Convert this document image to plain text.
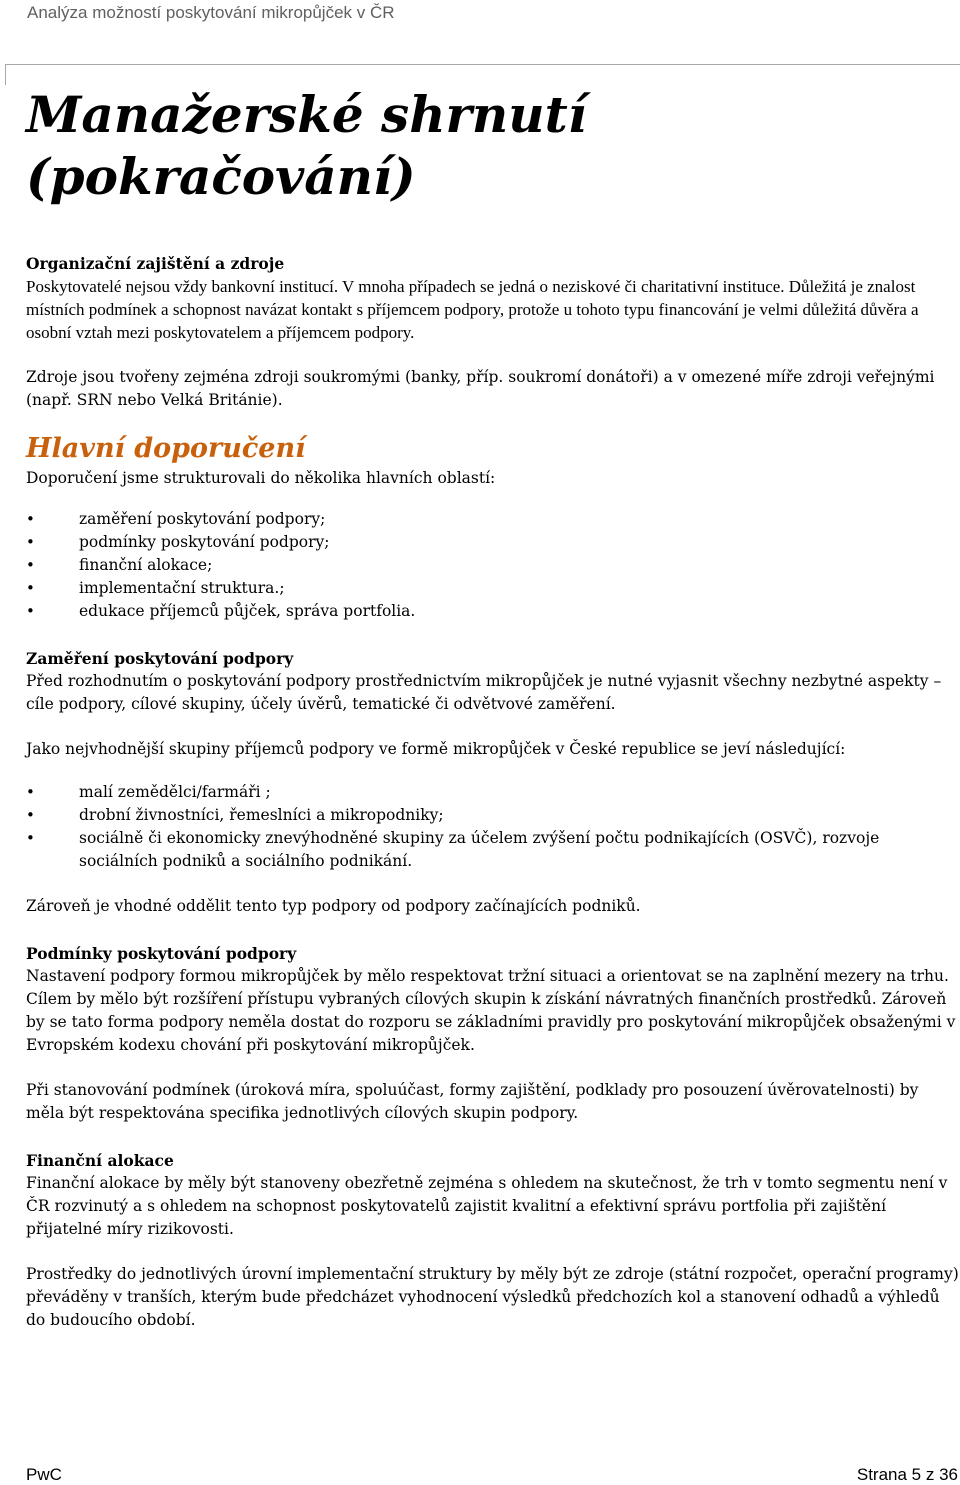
Analýza možností poskytování mikropůjček v ČR
Manažerské shrnutí
(pokračování)

Organizační zajištění a zdroje

Poskytovatelé nejsou vždy bankovní institucí. V mnoha případech se jedná o neziskové či charitativní instituce. Důležitá je znalost místních podmínek a schopnost navázat kontakt s příjemcem podpory, protože u tohoto typu financování je velmi důležitá důvěra a osobní vztah mezi poskytovatelem a příjemcem podpory.

Zdroje jsou tvořeny zejména zdroji soukromými (banky, příp. soukromí donátoři) a v omezené míře zdroji veřejnými (např. SRN nebo Velká Británie).

Hlavní doporučení

Doporučení jsme strukturovali do několika hlavních oblastí:

• zaměření poskytování podpory;
• podmínky poskytování podpory;
• finanční alokace;
• implementační struktura.;
• edukace příjemců půjček, správa portfolia.

Zaměření poskytování podpory

Před rozhodnutím o poskytování podpory prostřednictvím mikropůjček je nutné vyjasnit všechny nezbytné aspekty – cíle podpory, cílové skupiny, účely úvěrů, tematické či odvětvové zaměření.

Jako nejvhodnější skupiny příjemců podpory ve formě mikropůjček v České republice se jeví následující:

• malí zemědělci/farmáři ;
• drobní živnostníci, řemeslníci a mikropodniky;
• sociálně či ekonomicky znevýhodněné skupiny za účelem zvýšení počtu podnikajících (OSVČ), rozvoje sociálních podniků a sociálního podnikání.

Zároveň je vhodné oddělit tento typ podpory od podpory začínajících podniků.

Podmínky poskytování podpory

Nastavení podpory formou mikropůjček by mělo respektovat tržní situaci a orientovat se na zaplnění mezery na trhu. Cílem by mělo být rozšíření přístupu vybraných cílových skupin k získání návratných finančních prostředků. Zároveň by se tato forma podpory neměla dostat do rozporu se základními pravidly pro poskytování mikropůjček obsaženými v Evropském kodexu chování při poskytování mikropůjček.

Při stanovování podmínek (úroková míra, spoluúčast, formy zajištění, podklady pro posouzení úvěrovatelnosti) by měla být respektována specifika jednotlivých cílových skupin podpory.

Finanční alokace

Finanční alokace by měly být stanoveny obezřetně zejména s ohledem na skutečnost, že trh v tomto segmentu není v ČR rozvinutý a s ohledem na schopnost poskytovatelů zajistit kvalitní a efektivní správu portfolia při zajištění přijatelné míry rizikovosti.

Prostředky do jednotlivých úrovní implementační struktury by měly být ze zdroje (státní rozpočet, operační programy) převáděny v tranších, kterým bude předcházet vyhodnocení výsledků předchozích kol a stanovení odhadů a výhledů do budoucího období.

PwC	Strana 5 z 36
